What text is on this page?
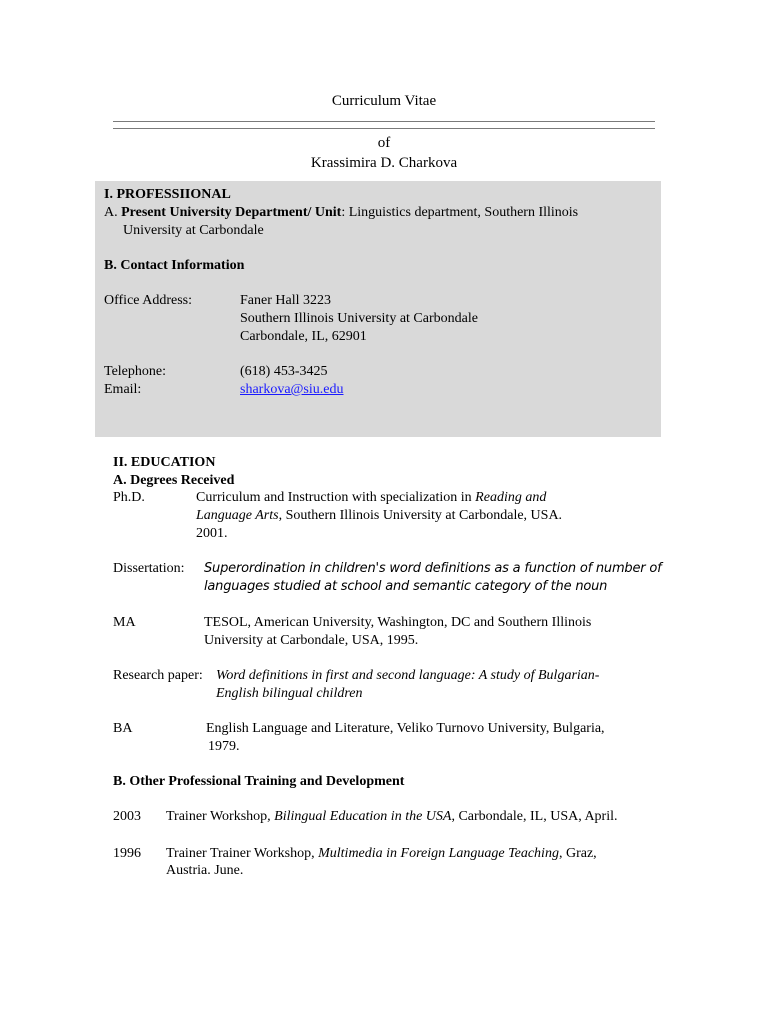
Curriculum Vitae
of
Krassimira D. Charkova
I. PROFESSIIONAL
A. Present University Department/ Unit: Linguistics department, Southern Illinois
University at Carbondale
B. Contact Information
Office Address:	Faner Hall 3223
Southern Illinois University at Carbondale
Carbondale, IL, 62901
Telephone:	(618) 453-3425
Email:	sharkova@siu.edu
II. EDUCATION
A. Degrees Received
Ph.D.	Curriculum and Instruction with specialization in Reading and
Language Arts, Southern Illinois University at Carbondale, USA.
2001.
Dissertation: Superordination in children's word definitions as a function of number of
languages studied at school and semantic category of the noun
MA	TESOL, American University, Washington, DC and Southern Illinois
University at Carbondale, USA, 1995.
Research paper: Word definitions in first and second language: A study of Bulgarian-
English bilingual children
BA	English Language and Literature, Veliko Turnovo University, Bulgaria,
1979.
B. Other Professional Training and Development
2003 Trainer Workshop, Bilingual Education in the USA, Carbondale, IL, USA, April.
1996 Trainer Trainer Workshop, Multimedia in Foreign Language Teaching, Graz,
Austria. June.
